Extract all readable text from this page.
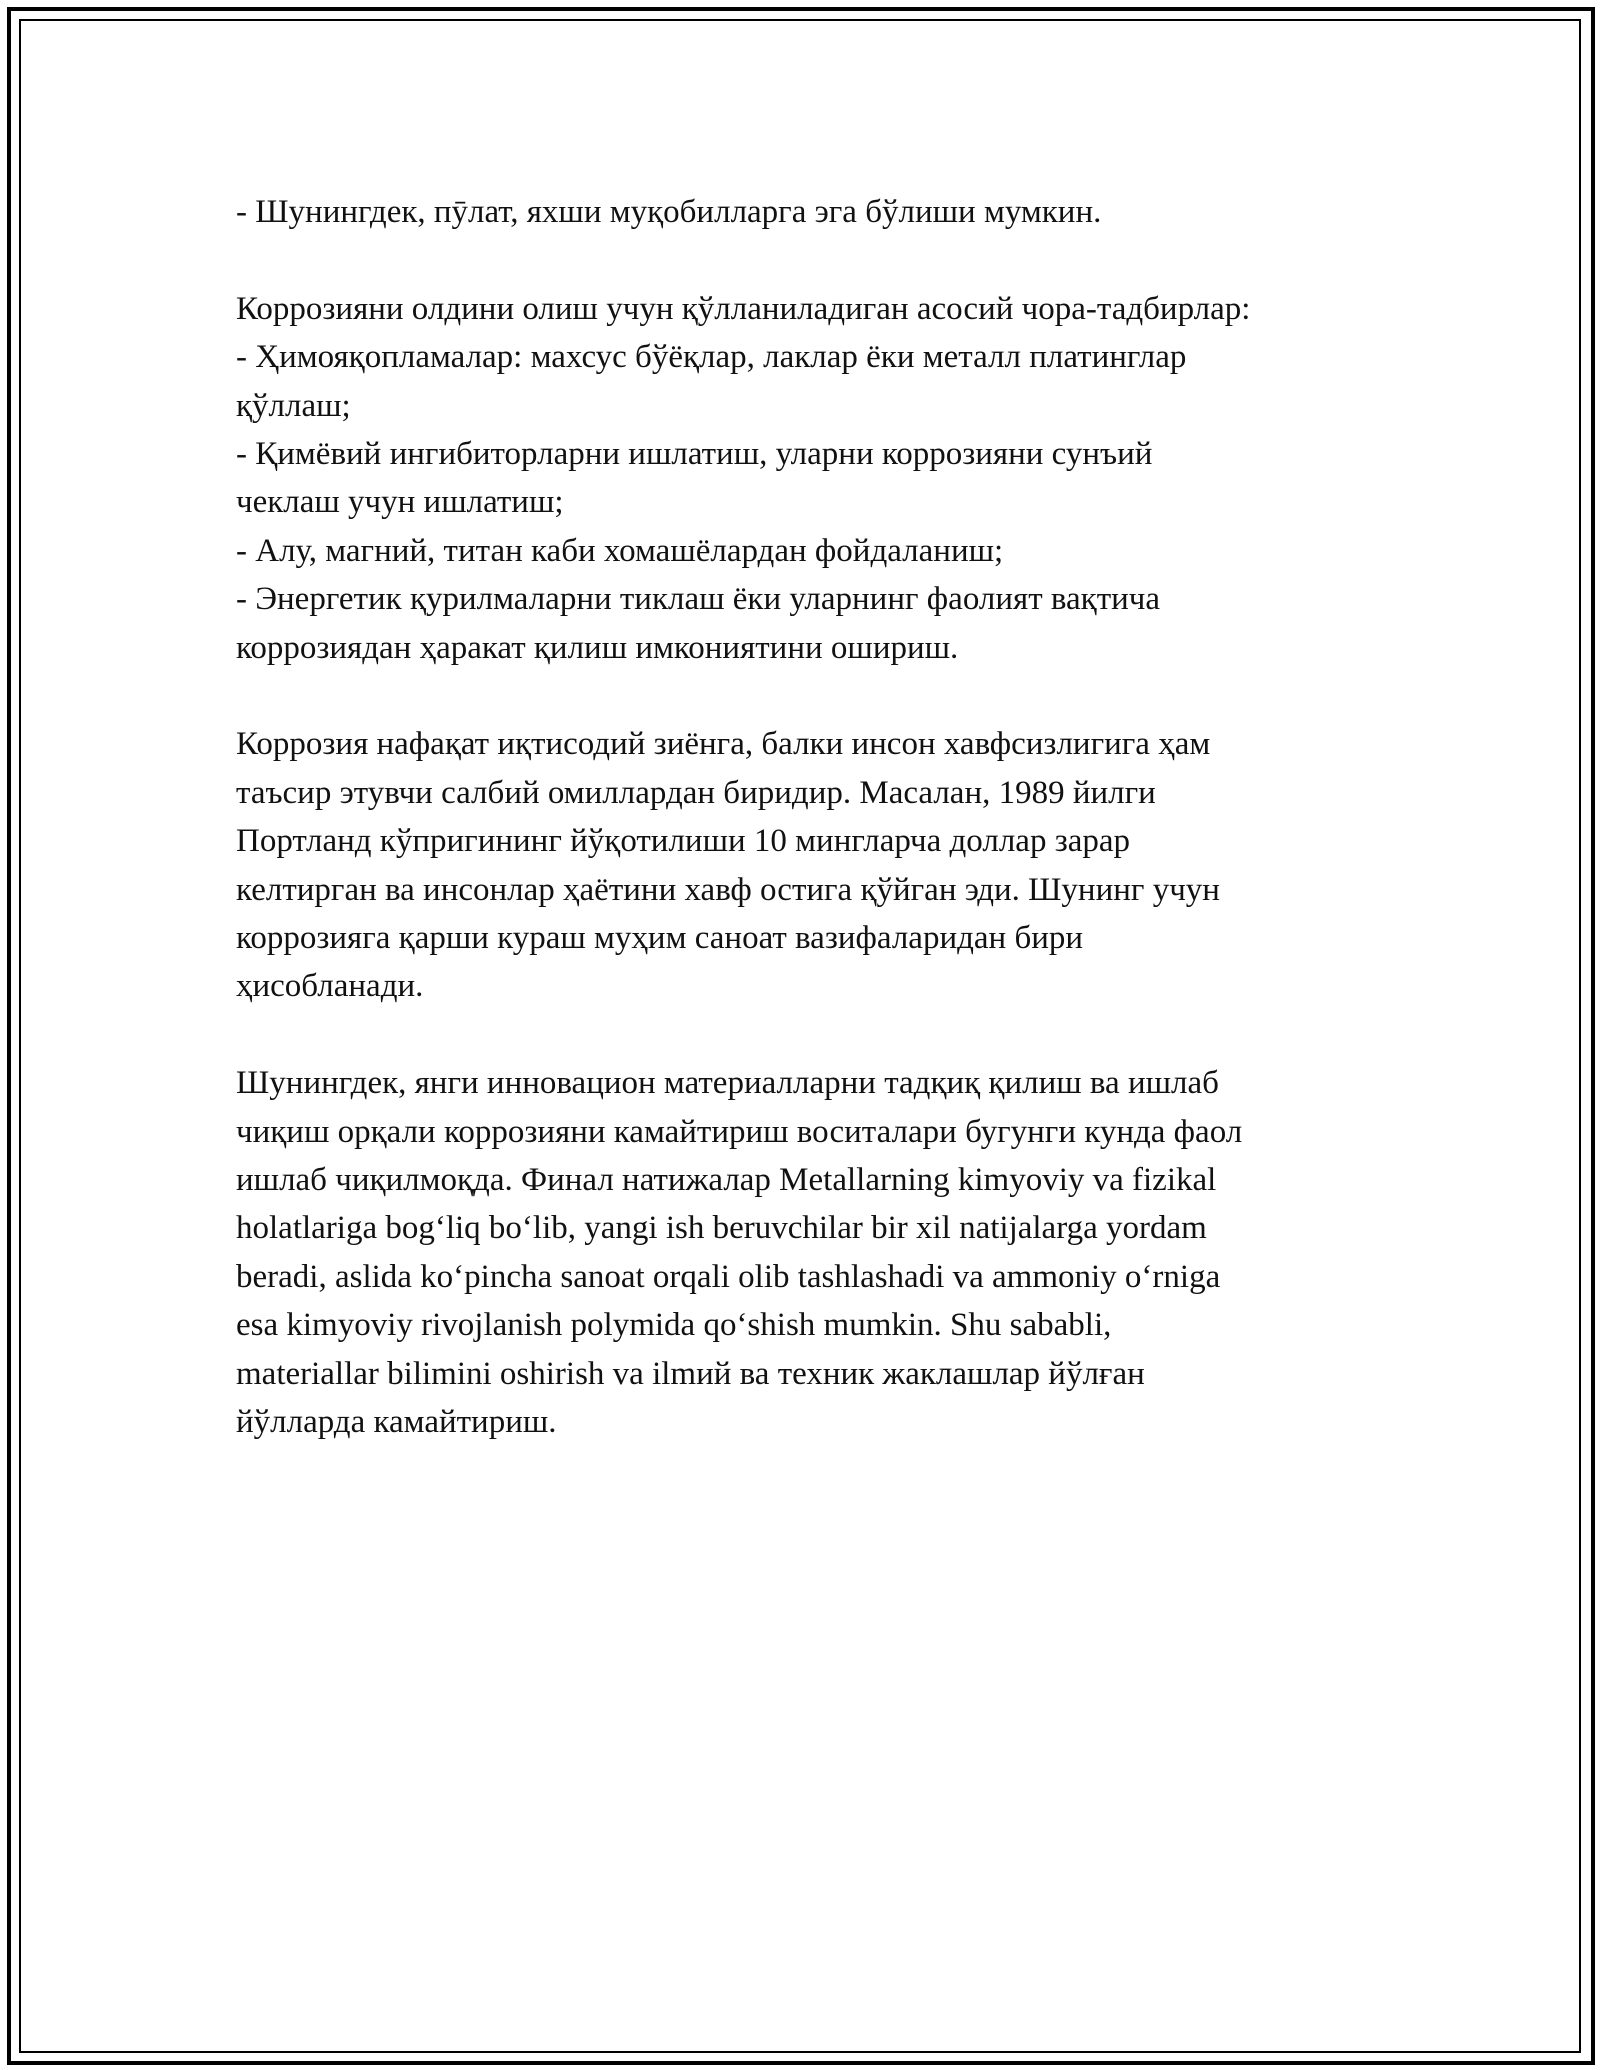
- Шунингдек, пӯлат, яхши муқобилларга эга бўлиши мумкин.
Коррозияни олдини олиш учун қўлланиладиган асосий чора-тадбирлар:
- Ҳимояқопламалар: махсус бўёқлар, лаклар ёки металл платинглар
қўллаш;
- Қимёвий ингибиторларни ишлатиш, уларни коррозияни сунъий
чеклаш учун ишлатиш;
- Алу, магний, титан каби хомашёлардан фойдаланиш;
- Энергетик қурилмаларни тиклаш ёки уларнинг фаолият вақтича
коррозиядан ҳаракат қилиш имкониятини ошириш.
Коррозия нафақат иқтисодий зиёнга, балки инсон хавфсизлигига ҳам
таъсир этувчи салбий омиллардан биридир. Масалан, 1989 йилги
Портланд кўпригининг йўқотилиши 10 минглaрча доллар зарар
келтирган ва инсонлар ҳаётини хавф остига қўйган эди. Шунинг учун
коррозияга қарши кураш муҳим саноат вазифаларидан бири
ҳисобланади.
Шунингдек, янги инновацион материалларни тадқиқ қилиш ва ишлаб
чиқиш орқали коррозияни камайтириш воситалари бугунги кунда фаол
ишлаб чиқилмоқда. Финал натижалар Metallarning kimyoviy va fizikal
holatlariga bog‘liq bo‘lib, yangi ish beruvchilar bir xil natijalarga yordam
beradi, aslida ko‘pincha sanoat orqali olib tashlashadi va ammoniy o‘rniga
esa kimyoviy rivojlanish polymida qo‘shish mumkin. Shu sababli,
materiallar bilimini oshirish va ilmий ва техник жаклашлар йўлған
йўлларда камайтириш.
